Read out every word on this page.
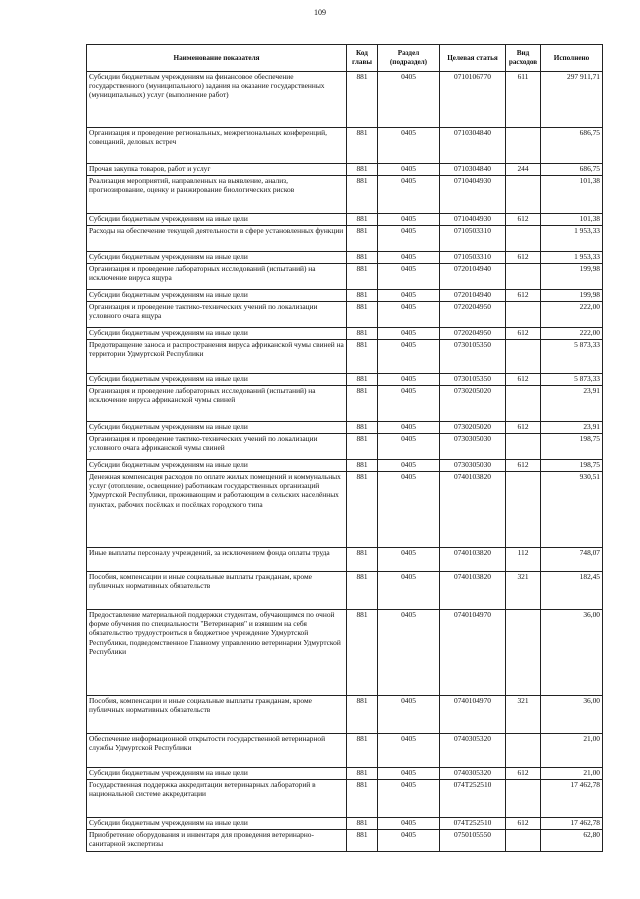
109
Наименование показателя	Код главы	Раздел (подраздел)	Целевая статья	Вид расходов	Исполнено
Субсидии бюджетным учреждениям на финансовое обеспечение государственного (муниципального) задания на оказание государственных (муниципальных) услуг (выполнение работ)	881	0405	0710106770	611	297 911,71
Организация и проведение региональных, межрегиональных конференций, совещаний, деловых встреч	881	0405	0710304840		686,75
Прочая закупка товаров, работ и услуг	881	0405	0710304840	244	686,75
Реализация мероприятий, направленных на выявление, анализ, прогнозирование, оценку и ранжирование биологических рисков	881	0405	0710404930		101,38
Субсидии бюджетным учреждениям на иные цели	881	0405	0710404930	612	101,38
Расходы на обеспечение текущей деятельности в сфере установленных функции	881	0405	0710503310		1 953,33
Субсидии бюджетным учреждениям на иные цели	881	0405	0710503310	612	1 953,33
Организация и проведение лабораторных исследований (испытаний) на исключение вируса ящура	881	0405	0720104940		199,98
Субсидии бюджетным учреждениям на иные цели	881	0405	0720104940	612	199,98
Организация и проведение тактико-технических учений по локализации условного очага ящура	881	0405	0720204950		222,00
Субсидии бюджетным учреждениям на иные цели	881	0405	0720204950	612	222,00
Предотвращение заноса и распространения вируса африканской чумы свиней на территории Удмуртской Республики	881	0405	0730105350		5 873,33
Субсидии бюджетным учреждениям на иные цели	881	0405	0730105350	612	5 873,33
Организация и проведение лабораторных исследований (испытаний) на исключение вируса африканской чумы свиней	881	0405	0730205020		23,91
Субсидии бюджетным учреждениям на иные цели	881	0405	0730205020	612	23,91
Организация и проведение тактико-технических учений по локализации условного очага африканской чумы свиней	881	0405	0730305030		198,75
Субсидии бюджетным учреждениям на иные цели	881	0405	0730305030	612	198,75
Денежная компенсация расходов по оплате жилых помещений и коммунальных услуг (отопление, освещение) работникам государственных организаций Удмуртской Республики, проживающим и работающим в сельских населённых пунктах, рабочих посёлках и посёлках городского типа	881	0405	0740103820		930,51
Иные выплаты персоналу учреждений, за исключением фонда оплаты труда	881	0405	0740103820	112	748,07
Пособия, компенсации и иные социальные выплаты гражданам, кроме публичных нормативных обязательств	881	0405	0740103820	321	182,45
Предоставление материальной поддержки студентам, обучающимся по очной форме обучения по специальности "Ветеринария" и взявшим на себя обязательство трудоустроиться в бюджетное учреждение Удмуртской Республики, подведомственное Главному управлению ветеринарии Удмуртской Республики	881	0405	0740104970		36,00
Пособия, компенсации и иные социальные выплаты гражданам, кроме публичных нормативных обязательств	881	0405	0740104970	321	36,00
Обеспечение информационной открытости государственной ветеринарной службы Удмуртской Республики	881	0405	0740305320		21,00
Субсидии бюджетным учреждениям на иные цели	881	0405	0740305320	612	21,00
Государственная поддержка аккредитации ветеринарных лабораторий в национальной системе аккредитации	881	0405	074Т252510		17 462,78
Субсидии бюджетным учреждениям на иные цели	881	0405	074Т252510	612	17 462,78
Приобретение оборудования и инвентаря для проведения ветеринарно-санитарной экспертизы	881	0405	0750105550		62,80
